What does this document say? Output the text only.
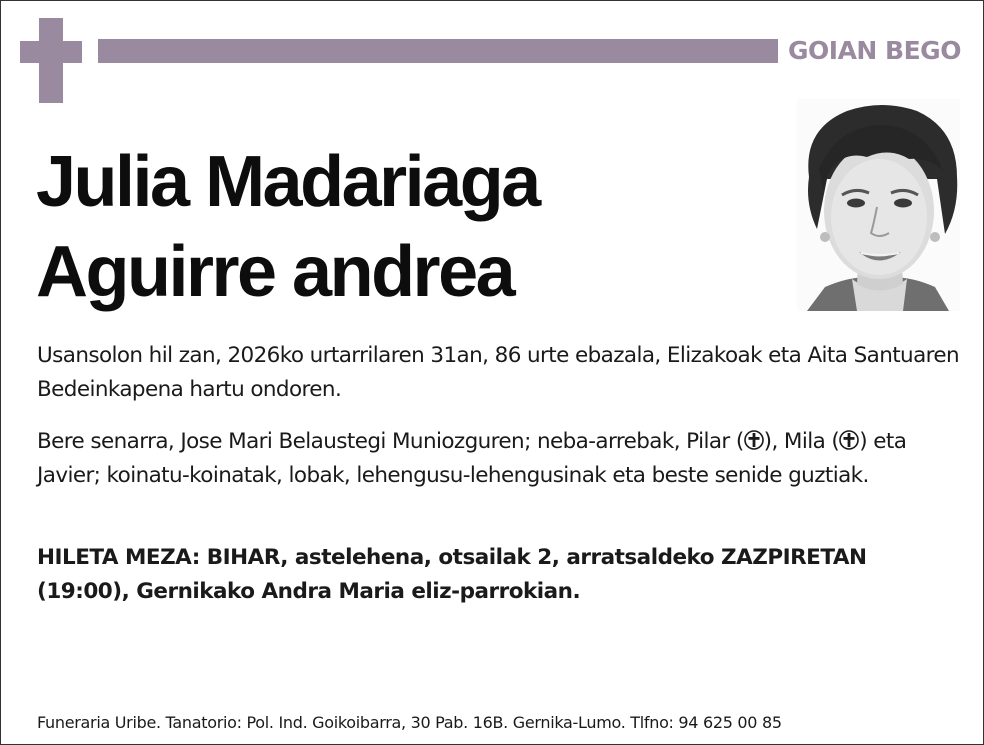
GOIAN BEGO
Julia Madariaga
Aguirre andrea

Usansolon hil zan, 2026ko urtarrilaren 31an, 86 urte ebazala, Elizakoak eta Aita Santuaren Bedeinkapena hartu ondoren.

Bere senarra, Jose Mari Belaustegi Muniozguren; neba-arrebak, Pilar ( ), Mila ( ) eta Javier; koinatu-koinatak, lobak, lehengusu-lehengusinak eta beste senide guztiak.

HILETA MEZA: BIHAR, astelehena, otsailak 2, arratsaldeko ZAZPIRETAN (19:00), Gernikako Andra Maria eliz-parrokian.

Funeraria Uribe. Tanatorio: Pol. Ind. Goikoibarra, 30 Pab. 16B. Gernika-Lumo. Tlfno: 94 625 00 85
